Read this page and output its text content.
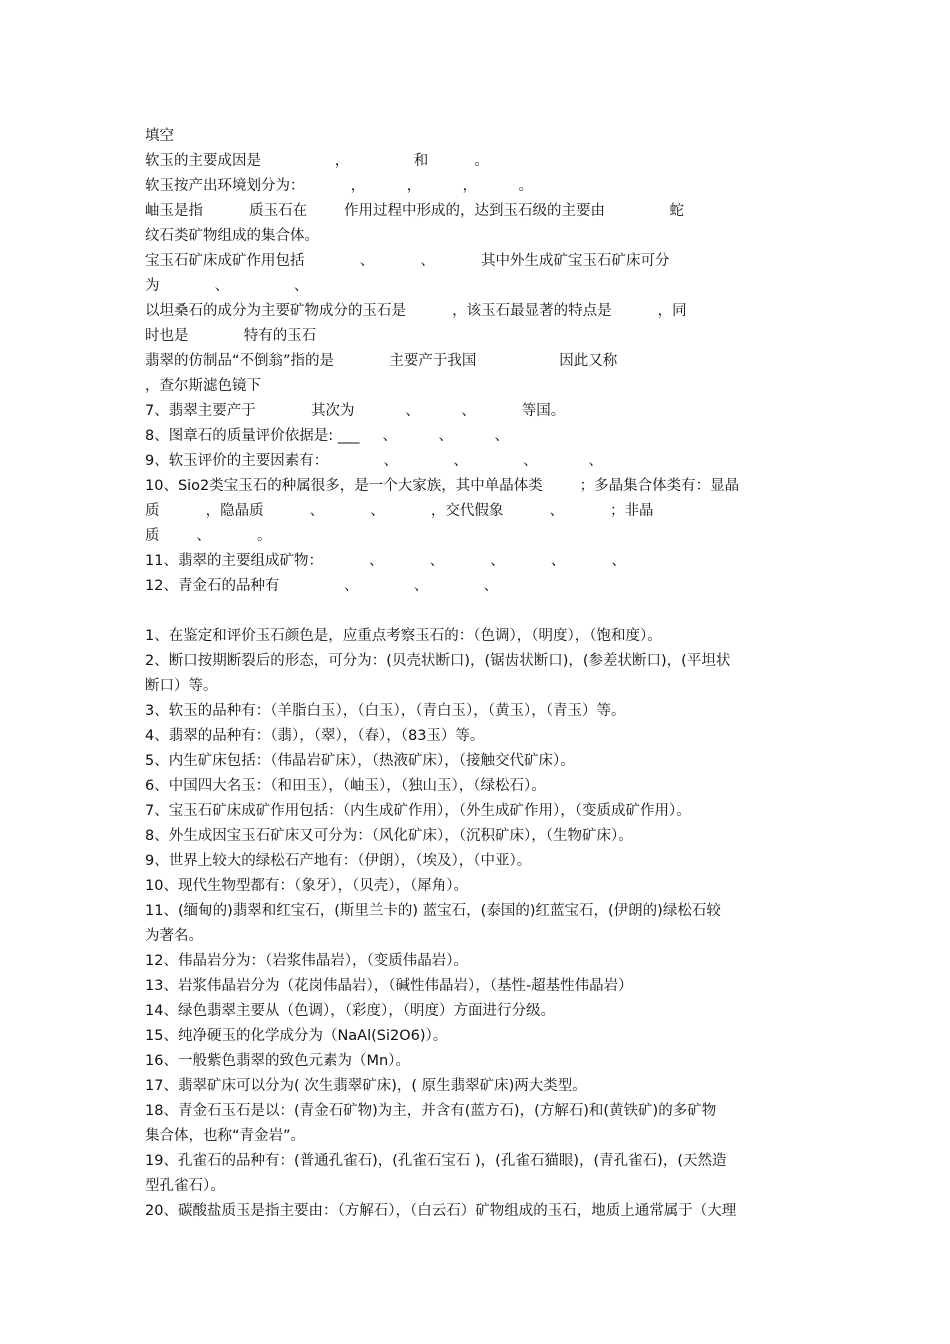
填空
软玉的主要成因是                ，              和          。
软玉按产出环境划分为：          ，         ，         ，         。
岫玉是指          质玉石在        作用过程中形成的，达到玉石级的主要由              蛇
纹石类矿物组成的集合体。
宝玉石矿床成矿作用包括            、          、          其中外生成矿宝玉石矿床可分
为            、              、
以坦桑石的成分为主要矿物成分的玉石是          ，该玉石最显著的特点是          ，同
时也是            特有的玉石
翡翠的仿制品“不倒翁”指的是            主要产于我国                  因此又称
，查尔斯滤色镜下
7、翡翠主要产于            其次为           、         、          等国。
8、图章石的质量评价依据是: ___     、         、         、
9、软玉评价的主要因素有：            、            、            、           、
10、Sio2类宝玉石的种属很多，是一个大家族，其中单晶体类        ；多晶集合体类有：显晶
质          ，隐晶质          、          、          ，交代假象          、          ；非晶
质        、          。
11、翡翠的主要组成矿物：          、          、          、          、          、
12、青金石的品种有              、            、            、
1、在鉴定和评价玉石颜色是，应重点考察玉石的：（色调），（明度），（饱和度）。
2、断口按期断裂后的形态，可分为：(贝壳状断口)，(锯齿状断口)，(参差状断口)，(平坦状
断口）等。
3、软玉的品种有：（羊脂白玉），（白玉），（青白玉），（黄玉），（青玉）等。
4、翡翠的品种有：（翡），（翠），（春），（83玉）等。
5、内生矿床包括：（伟晶岩矿床），（热液矿床），（接触交代矿床）。
6、中国四大名玉：（和田玉），（岫玉），（独山玉），（绿松石）。
7、宝玉石矿床成矿作用包括：（内生成矿作用），（外生成矿作用），（变质成矿作用）。
8、外生成因宝玉石矿床又可分为：（风化矿床），（沉积矿床），（生物矿床）。
9、世界上较大的绿松石产地有：（伊朗），（埃及），（中亚）。
10、现代生物型都有：（象牙），（贝壳），（犀角）。
11、(缅甸的)翡翠和红宝石，(斯里兰卡的) 蓝宝石，(泰国的)红蓝宝石，(伊朗的)绿松石较
为著名。
12、伟晶岩分为：（岩浆伟晶岩），（变质伟晶岩）。
13、岩浆伟晶岩分为（花岗伟晶岩），（碱性伟晶岩），（基性-超基性伟晶岩）
14、绿色翡翠主要从（色调），（彩度），（明度）方面进行分级。
15、纯净硬玉的化学成分为（NaAl(Si2O6)）。
16、一般紫色翡翠的致色元素为（Mn）。
17、翡翠矿床可以分为( 次生翡翠矿床)，( 原生翡翠矿床)两大类型。
18、青金石玉石是以：(青金石矿物)为主，并含有(蓝方石)，(方解石)和(黄铁矿)的多矿物
集合体，也称“青金岩”。
19、孔雀石的品种有：(普通孔雀石)，(孔雀石宝石 )，(孔雀石猫眼)，(青孔雀石)，(天然造
型孔雀石）。
20、碳酸盐质玉是指主要由：（方解石），（白云石）矿物组成的玉石，地质上通常属于（大理
